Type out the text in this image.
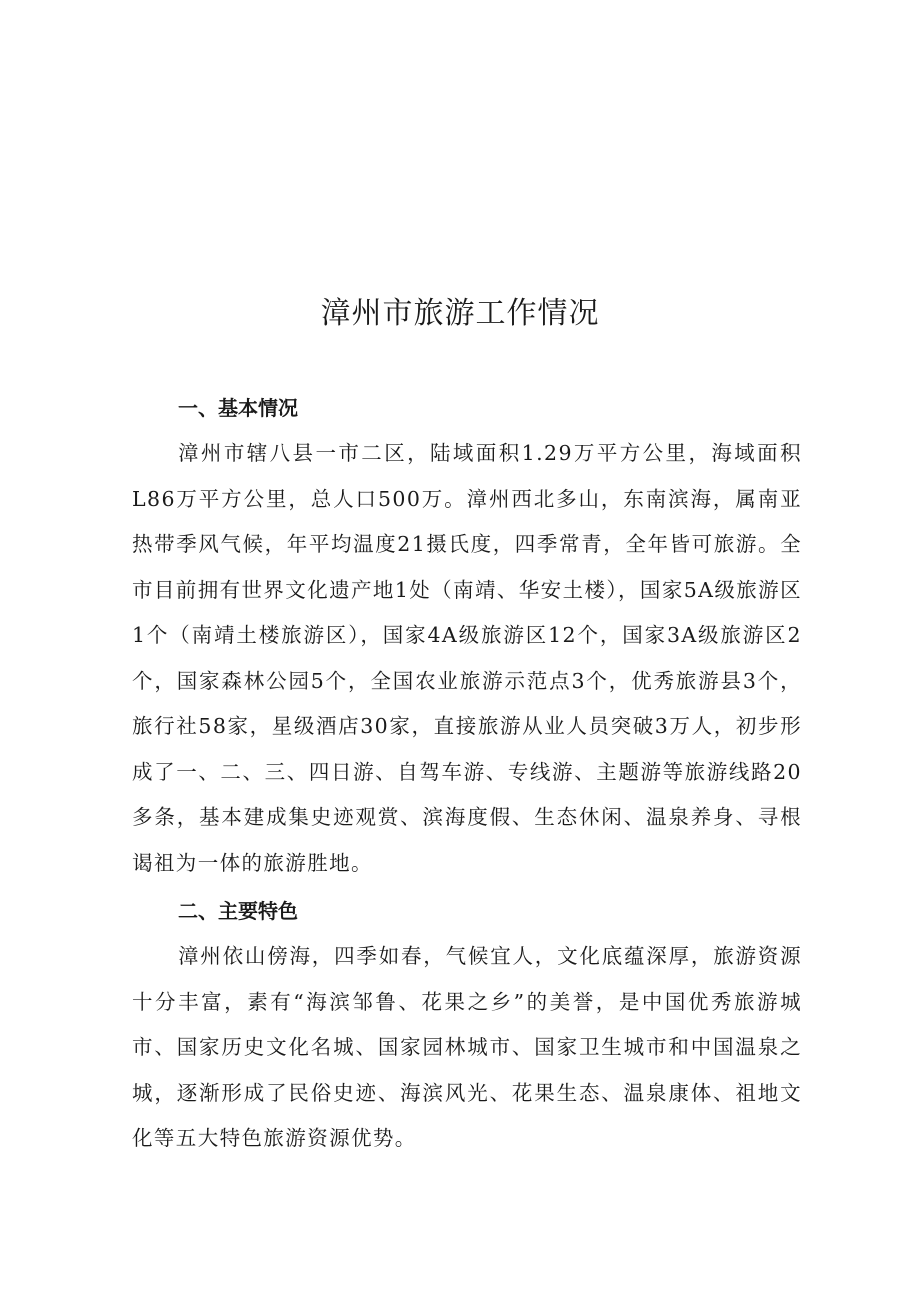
漳州市旅游工作情况
一、基本情况

漳州市辖八县一市二区，陆域面积1.29万平方公里，海域面积L86万平方公里，总人口500万。漳州西北多山，东南滨海，属南亚热带季风气候，年平均温度21摄氏度，四季常青，全年皆可旅游。全市目前拥有世界文化遗产地1处（南靖、华安土楼），国家5A级旅游区1个（南靖土楼旅游区），国家4A级旅游区12个，国家3A级旅游区2个，国家森林公园5个，全国农业旅游示范点3个，优秀旅游县3个，旅行社58家，星级酒店30家，直接旅游从业人员突破3万人，初步形成了一、二、三、四日游、自驾车游、专线游、主题游等旅游线路20多条，基本建成集史迹观赏、滨海度假、生态休闲、温泉养身、寻根谒祖为一体的旅游胜地。

二、主要特色

漳州依山傍海，四季如春，气候宜人，文化底蕴深厚，旅游资源十分丰富，素有“海滨邹鲁、花果之乡”的美誉，是中国优秀旅游城市、国家历史文化名城、国家园林城市、国家卫生城市和中国温泉之城，逐渐形成了民俗史迹、海滨风光、花果生态、温泉康体、祖地文化等五大特色旅游资源优势。
